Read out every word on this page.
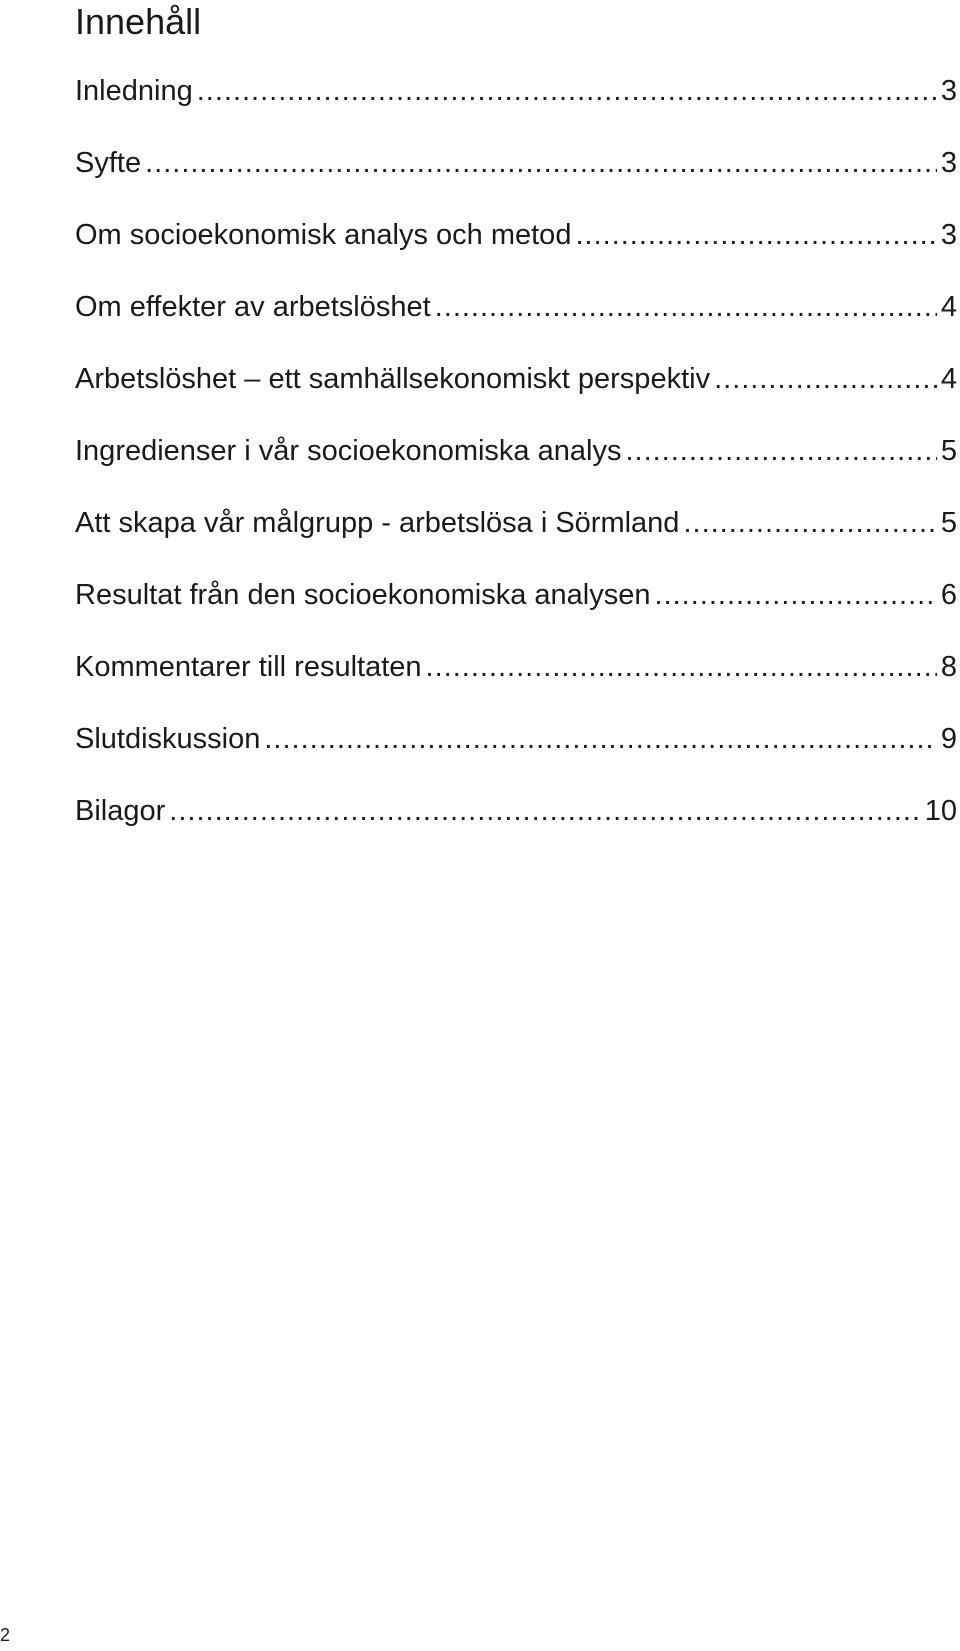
Innehåll
Inledning .....	3
Syfte .....	3
Om socioekonomisk analys och metod .....	3
Om effekter av arbetslöshet .....	4
Arbetslöshet – ett samhällsekonomiskt perspektiv .....	4
Ingredienser i vår socioekonomiska analys .....	5
Att skapa vår målgrupp - arbetslösa i Sörmland .....	5
Resultat från den socioekonomiska analysen .....	6
Kommentarer till resultaten .....	8
Slutdiskussion .....	9
Bilagor .....	10
2
